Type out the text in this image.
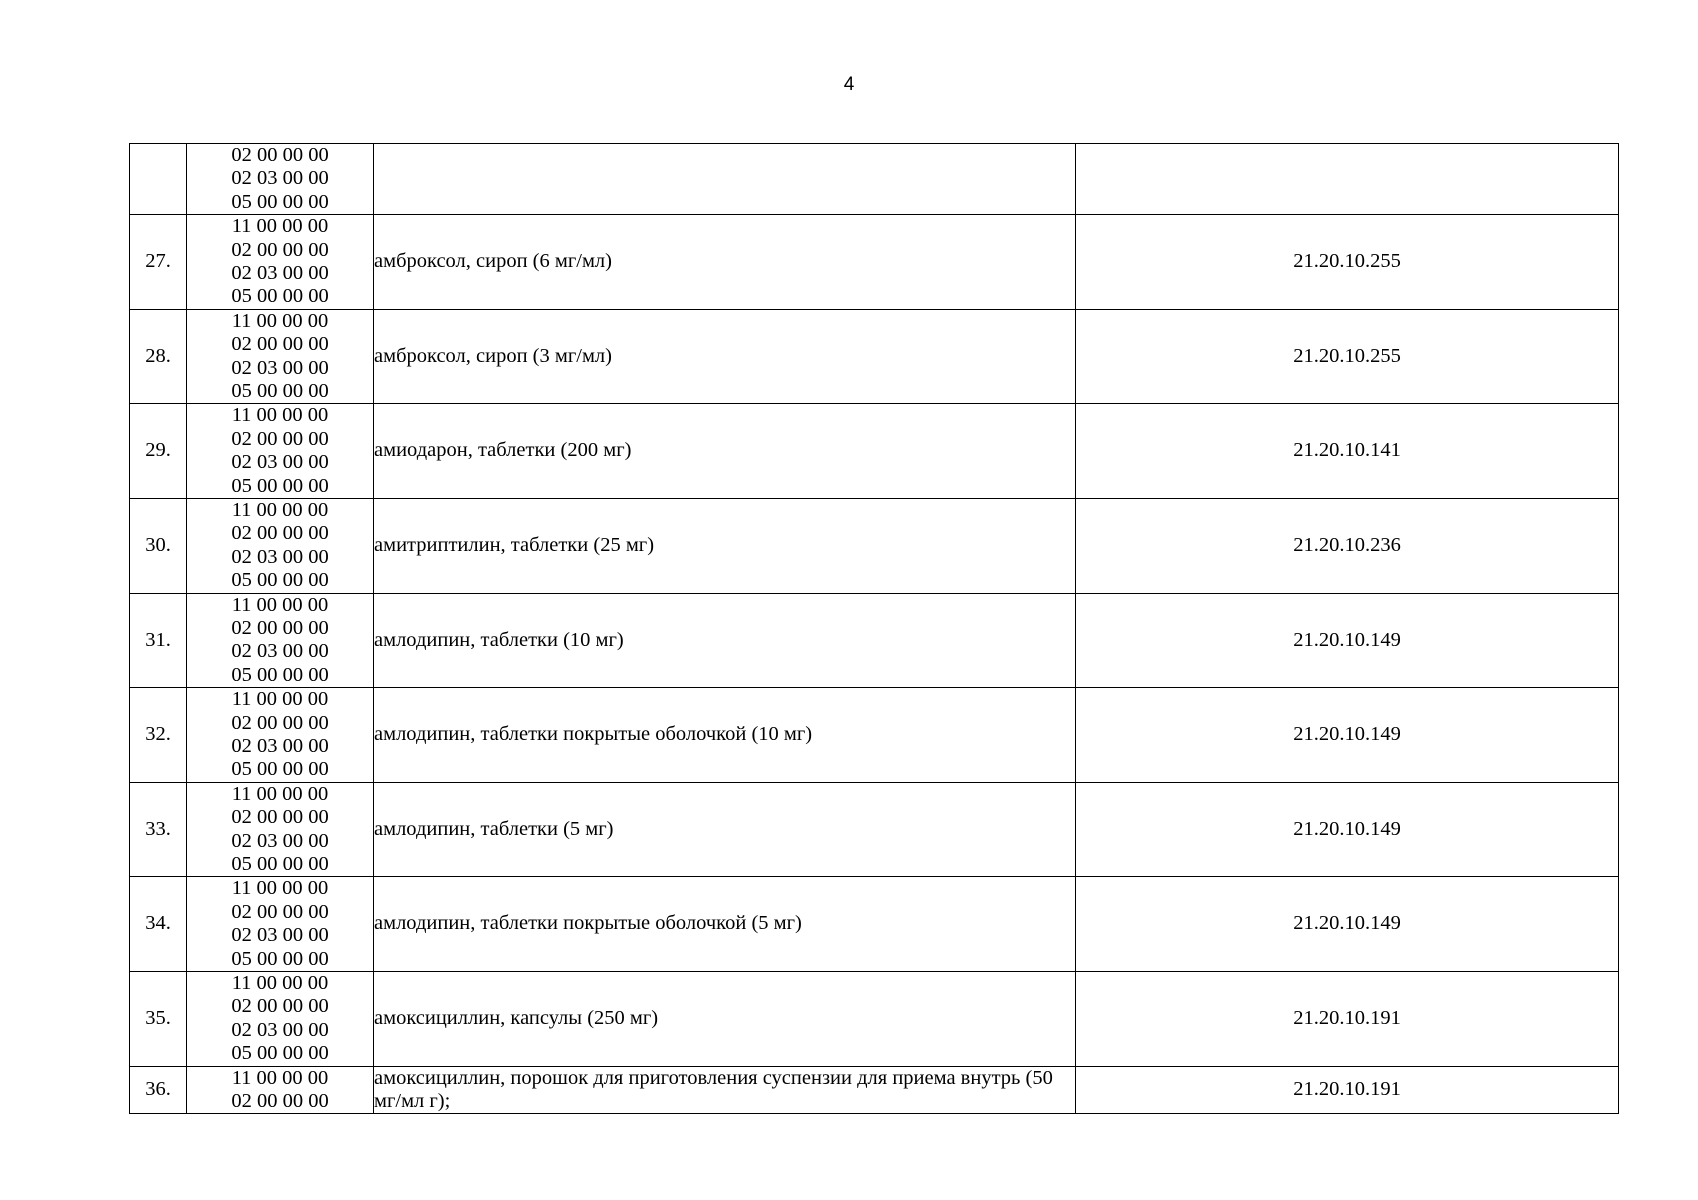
4

	02 00 00 00
02 03 00 00
05 00 00 00		

27.	11 00 00 00
02 00 00 00
02 03 00 00
05 00 00 00	амброксол, сироп (6 мг/мл)	21.20.10.255
28.	11 00 00 00
02 00 00 00
02 03 00 00
05 00 00 00	амброксол, сироп (3 мг/мл)	21.20.10.255
29.	11 00 00 00
02 00 00 00
02 03 00 00
05 00 00 00	амиодарон, таблетки (200 мг)	21.20.10.141
30.	11 00 00 00
02 00 00 00
02 03 00 00
05 00 00 00	амитриптилин, таблетки (25 мг)	21.20.10.236
31.	11 00 00 00
02 00 00 00
02 03 00 00
05 00 00 00	амлодипин, таблетки (10 мг)	21.20.10.149
32.	11 00 00 00
02 00 00 00
02 03 00 00
05 00 00 00	амлодипин, таблетки покрытые оболочкой (10 мг)	21.20.10.149
33.	11 00 00 00
02 00 00 00
02 03 00 00
05 00 00 00	амлодипин, таблетки (5 мг)	21.20.10.149
34.	11 00 00 00
02 00 00 00
02 03 00 00
05 00 00 00	амлодипин, таблетки покрытые оболочкой (5 мг)	21.20.10.149
35.	11 00 00 00
02 00 00 00
02 03 00 00
05 00 00 00	амоксициллин, капсулы (250 мг)	21.20.10.191
36.	11 00 00 00
02 00 00 00	амоксициллин, порошок для приготовления суспензии для приема внутрь (50 мг/мл г);	21.20.10.191
